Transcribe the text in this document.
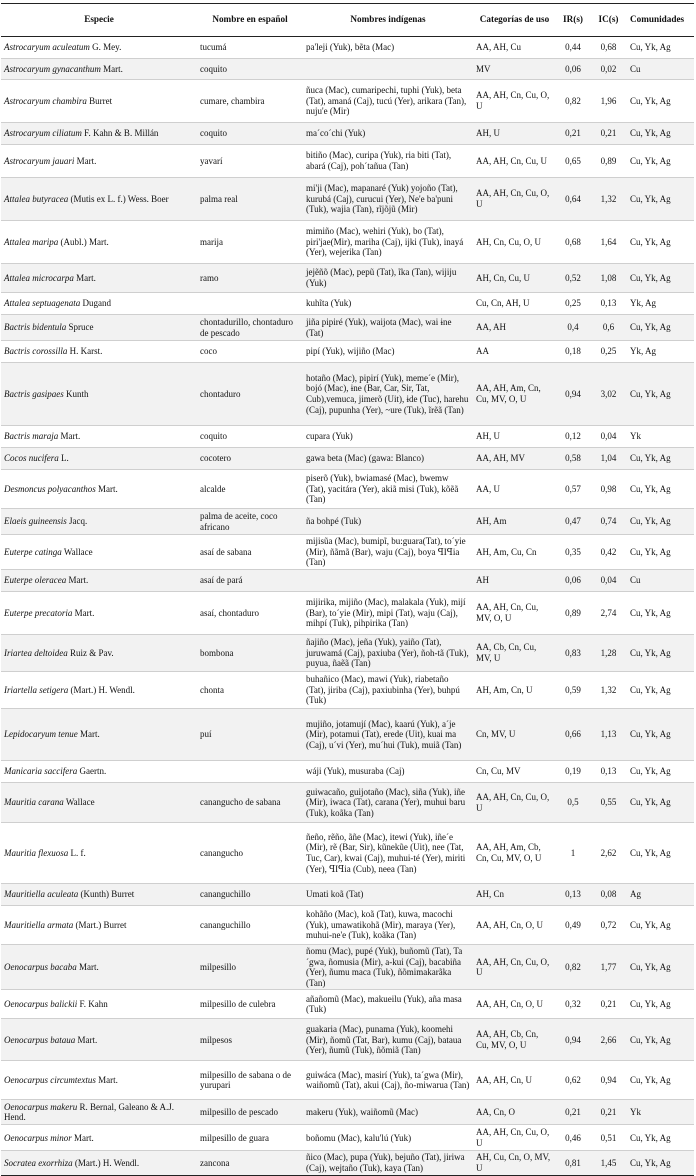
Especie	Nombre en español	Nombres indígenas	Categorías de uso	IR(s)	IC(s)	Comunidades
Astrocaryum aculeatum G. Mey.	tucumá	pa'leji (Yuk), bẽta (Mac)	AA, AH, Cu	0,44	0,68	Cu, Yk, Ag
Astrocaryum gynacanthum Mart.	coquito		MV	0,06	0,02	Cu
Astrocaryum chambira Burret	cumare, chambira	ñuca (Mac), cumaripechi, tuphi (Yuk), beta (Tat), amaná (Caj), tucú (Yer), arikara (Tan), nuju'e (Mir)	AA, AH, Cn, Cu, O, U	0,82	1,96	Cu, Yk, Ag
Astrocaryum ciliatum F. Kahn & B. Millán	coquito	ma´co´chi (Yuk)	AH, U	0,21	0,21	Cu, Yk, Ag
Astrocaryum jauari Mart.	yavarí	bitiño (Mac), curipa (Yuk), ria biti (Tat), abará (Caj), poh´tañua (Tan)	AA, AH, Cn, Cu, U	0,65	0,89	Cu, Yk, Ag
Attalea butyracea (Mutis ex L. f.) Wess. Boer	palma real	mi'ji (Mac), mapanaré (Yuk) yojoño (Tat), kurubá (Caj), curucui (Yer), Ne'e ba'puni (Tuk), wajia (Tan), rĩjõjũ (Mir)	AA, AH, Cn, Cu, O, U	0,64	1,32	Cu, Yk, Ag
Attalea maripa (Aubl.) Mart.	marija	mimiño (Mac), wehiri (Yuk), bo (Tat), piri'jae(Mir), mariha (Caj), ijki (Tuk), inayá (Yer), wejerika (Tan)	AH, Cn, Cu, O, U	0,68	1,64	Cu, Yk, Ag
Attalea microcarpa Mart.	ramo	jejẽñõ (Mac), pepũ (Tat), ĩka (Tan), wijiju (Yuk)	AH, Cn, Cu, U	0,52	1,08	Cu, Yk, Ag
Attalea septuagenata Dugand		kuhĩta (Yuk)	Cu, Cn, AH, U	0,25	0,13	Yk, Ag
Bactris bidentula Spruce	chontadurillo, chontaduro de pescado	jiña pipiré (Yuk), waijota (Mac), wai ɨne (Tat)	AA, AH	0,4	0,6	Cu, Yk, Ag
Bactris corossilla H. Karst.	coco	pipí (Yuk), wijiño (Mac)	AA	0,18	0,25	Yk, Ag
Bactris gasipaes Kunth	chontaduro	hotaño (Mac), pipirí (Yuk), meme´e (Mir), bojó (Mac), ɨne (Bar, Car, Sir, Tat, Cub),vemuca, jimerõ (Uit), ɨde (Tuc), harehu (Caj), pupunha (Yer), ~ure (Tuk), ĩrẽã (Tan)	AA, AH, Am, Cn, Cu, MV, O, U	0,94	3,02	Cu, Yk, Ag
Bactris maraja Mart.	coquito	cupara (Yuk)	AH, U	0,12	0,04	Yk
Cocos nucifera L.	cocotero	gawa beta (Mac) (gawa: Blanco)	AA, AH, MV	0,58	1,04	Cu, Yk, Ag
Desmoncus polyacanthos Mart.	alcalde	piserõ (Yuk), bwiamasé (Mac), bwemw (Tat), yacitára (Yer), akiã misi (Tuk), kõẽã (Tan)	AA, U	0,57	0,98	Cu, Yk, Ag
Elaeis guineensis Jacq.	palma de aceite, coco africano	ña bohpé (Tuk)	AH, Am	0,47	0,74	Cu, Yk, Ag
Euterpe catinga Wallace	asaí de sabana	mijisũa (Mac), bumipĩ, bu:guara(Tat), to´yie (Mir), ñãmã (Bar), waju (Caj), boya ꟼIꟼia (Tan)	AH, Am, Cu, Cn	0,35	0,42	Cu, Yk, Ag
Euterpe oleracea Mart.	asaí de pará		AH	0,06	0,04	Cu
Euterpe precatoria Mart.	asaí, chontaduro	mijirika, mijiño (Mac), malakala (Yuk), mijí (Bar), to´yie (Mir), mipi (Tat), waju (Caj), mihpí (Tuk), pihpirika (Tan)	AA, AH, Cn, Cu, MV, O, U	0,89	2,74	Cu, Yk, Ag
Iriartea deltoidea Ruiz & Pav.	bombona	ñajiño (Mac), jeña (Yuk), yaiño (Tat), juruwamá (Caj), paxiuba (Yer), ñoh-tã (Tuk), puyua, ñaẽã (Tan)	AA, Cb, Cn, Cu, MV, U	0,83	1,28	Cu, Yk, Ag
Iriartella setigera (Mart.) H. Wendl.	chonta	buhañico (Mac), mawi (Yuk), riabetaño (Tat), jiriba (Caj), paxiubinha (Yer), buhpú (Tuk)	AH, Am, Cn, U	0,59	1,32	Cu, Yk, Ag
Lepidocaryum tenue Mart.	puí	mujiño, jotamují (Mac), kaarú (Yuk), a´je (Mir), potamui (Tat), erede (Uit), kuai ma (Caj), u´vi (Yer), mu´hui (Tuk), muiã (Tan)	Cn, MV, U	0,66	1,13	Cu, Yk, Ag
Manicaria saccifera Gaertn.		wáji (Yuk), musuraba (Caj)	Cn, Cu, MV	0,19	0,13	Cu, Yk, Ag
Mauritia carana Wallace	canangucho de sabana	guiwacaño, guijotaño (Mac), siña (Yuk), iñe (Mir), iwaca (Tat), carana (Yer), muhui baru (Tuk), koãka (Tan)	AA, AH, Cn, Cu, O, U	0,5	0,55	Cu, Yk, Ag
Mauritia flexuosa L. f.	canangucho	ñeño, rẽño, ãñe (Mac), itewi (Yuk), iñe´e (Mir), rẽ (Bar, Sir), kũnekũe (Uit), nee (Tat, Tuc, Car), kwai (Caj), muhui-té (Yer), miriti (Yer), ꟼIꟼia (Cub), neea (Tan)	AA, AH, Am, Cb, Cn, Cu, MV, O, U	1	2,62	Cu, Yk, Ag
Mauritiella aculeata (Kunth) Burret	cananguchillo	Umati koã (Tat)	AH, Cn	0,13	0,08	Ag
Mauritiella armata (Mart.) Burret	cananguchillo	kohãño (Mac), koã (Tat), kuwa, macochi (Yuk), umawatikohã (Mir), maraya (Yer), muhui-ne'e (Tuk), koãka (Tan)	AA, AH, Cn, O, U	0,49	0,72	Cu, Yk, Ag
Oenocarpus bacaba Mart.	milpesillo	ñomu (Mac), pupé (Yuk), buñomũ (Tat), Ta´gwa, ñomusia (Mir), a-kui (Caj), bacabiña (Yer), ñumu maca (Tuk), ñõmimakarãka (Tan)	AA, AH, Cn, Cu, O, U	0,82	1,77	Cu, Yk, Ag
Oenocarpus balickii F. Kahn	milpesillo de culebra	añañomũ (Mac), makueilu (Yuk), aña masa (Tuk)	AA, AH, Cn, O, U	0,32	0,21	Cu, Yk, Ag
Oenocarpus bataua Mart.	milpesos	guakaria (Mac), punama (Yuk), koomehi (Mir), ñomũ (Tat, Bar), kumu (Caj), bataua (Yer), ñumũ (Tuk), ñõmiã (Tan)	AA, AH, Cb, Cn, Cu, MV, O, U	0,94	2,66	Cu, Yk, Ag
Oenocarpus circumtextus Mart.	milpesillo de sabana o de yurupari	guiwáca (Mac), masirí (Yuk), ta´gwa (Mir), waiñomũ (Tat), akui (Caj), ño-miwarua (Tan)	AA, AH, Cn, U	0,62	0,94	Cu, Yk, Ag
Oenocarpus makeru R. Bernal, Galeano & A.J. Hend.	milpesillo de pescado	makeru (Yuk), waiñomũ (Mac)	AA, Cn, O	0,21	0,21	Yk
Oenocarpus minor Mart.	milpesillo de guara	boñomu (Mac), kalu'lú (Yuk)	AA, AH, Cn, Cu, O, U	0,46	0,51	Cu, Yk, Ag
Socratea exorrhiza (Mart.) H. Wendl.	zancona	ñico (Mac), pupa (Yuk), bejuño (Tat), jiriwa (Caj), wejtaño (Tuk), kaya (Tan)	AH, Cu, Cn, O, MV, U	0,81	1,45	Cu, Yk, Ag
